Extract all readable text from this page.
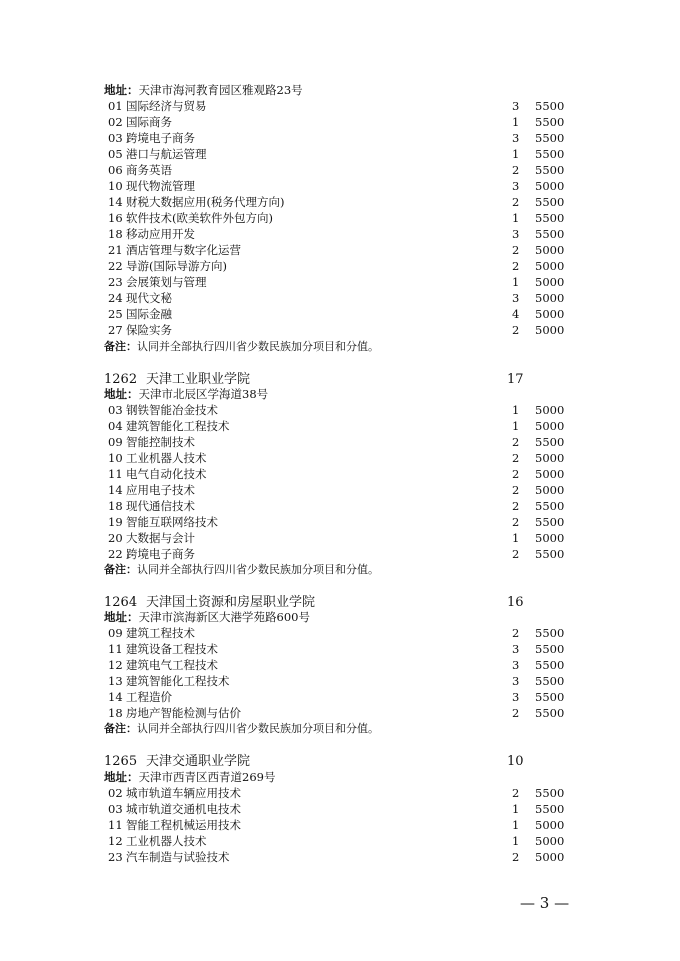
地址：天津市海河教育园区雅观路23号
01 国际经济与贸易	3 5500
02 国际商务	1 5500
03 跨境电子商务	3 5500
05 港口与航运管理	1 5500
06 商务英语	2 5500
10 现代物流管理	3 5000
14 财税大数据应用(税务代理方向)	2 5500
16 软件技术(欧美软件外包方向)	1 5500
18 移动应用开发	3 5500
21 酒店管理与数字化运营	2 5000
22 导游(国际导游方向)	2 5000
23 会展策划与管理	1 5000
24 现代文秘	3 5000
25 国际金融	4 5000
27 保险实务	2 5000
备注：认同并全部执行四川省少数民族加分项目和分值。
1262 天津工业职业学院	17
地址：天津市北辰区学海道38号
03 钢铁智能冶金技术	1 5000
04 建筑智能化工程技术	1 5000
09 智能控制技术	2 5500
10 工业机器人技术	2 5000
11 电气自动化技术	2 5000
14 应用电子技术	2 5000
18 现代通信技术	2 5500
19 智能互联网络技术	2 5500
20 大数据与会计	1 5000
22 跨境电子商务	2 5500
备注：认同并全部执行四川省少数民族加分项目和分值。
1264 天津国土资源和房屋职业学院	16
地址：天津市滨海新区大港学苑路600号
09 建筑工程技术	2 5500
11 建筑设备工程技术	3 5500
12 建筑电气工程技术	3 5500
13 建筑智能化工程技术	3 5500
14 工程造价	3 5500
18 房地产智能检测与估价	2 5500
备注：认同并全部执行四川省少数民族加分项目和分值。
1265 天津交通职业学院	10
地址：天津市西青区西青道269号
02 城市轨道车辆应用技术	2 5500
03 城市轨道交通机电技术	1 5500
11 智能工程机械运用技术	1 5000
12 工业机器人技术	1 5000
23 汽车制造与试验技术	2 5000
— 3 —
